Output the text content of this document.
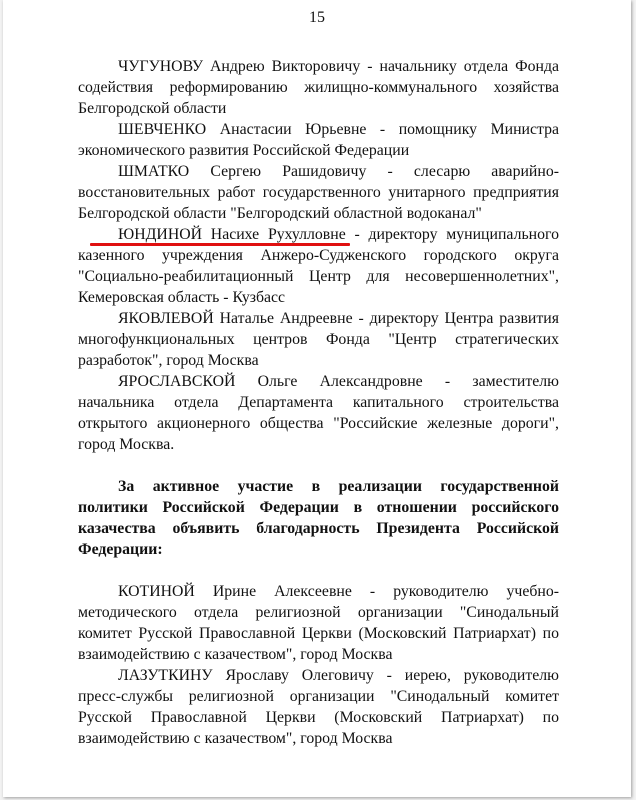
15

ЧУГУНОВУ Андрею Викторовичу - начальнику отдела Фонда содействия реформированию жилищно-коммунального хозяйства Белгородской области

ШЕВЧЕНКО Анастасии Юрьевне - помощнику Министра экономического развития Российской Федерации

ШМАТКО Сергею Рашидовичу - слесарю аварийно-восстановительных работ государственного унитарного предприятия Белгородской области "Белгородский областной водоканал"

ЮНДИНОЙ Насихе Рухулловне - директору муниципального казенного учреждения Анжеро-Судженского городского округа "Социально-реабилитационный Центр для несовершеннолетних", Кемеровская область - Кузбасс

ЯКОВЛЕВОЙ Наталье Андреевне - директору Центра развития многофункциональных центров Фонда "Центр стратегических разработок", город Москва

ЯРОСЛАВСКОЙ Ольге Александровне - заместителю начальника отдела Департамента капитального строительства открытого акционерного общества "Российские железные дороги", город Москва.

За активное участие в реализации государственной политики Российской Федерации в отношении российского казачества объявить благодарность Президента Российской Федерации:

КОТИНОЙ Ирине Алексеевне - руководителю учебно-методического отдела религиозной организации "Синодальный комитет Русской Православной Церкви (Московский Патриархат) по взаимодействию с казачеством", город Москва

ЛАЗУТКИНУ Ярославу Олеговичу - иерею, руководителю пресс-службы религиозной организации "Синодальный комитет Русской Православной Церкви (Московский Патриархат) по взаимодействию с казачеством", город Москва
